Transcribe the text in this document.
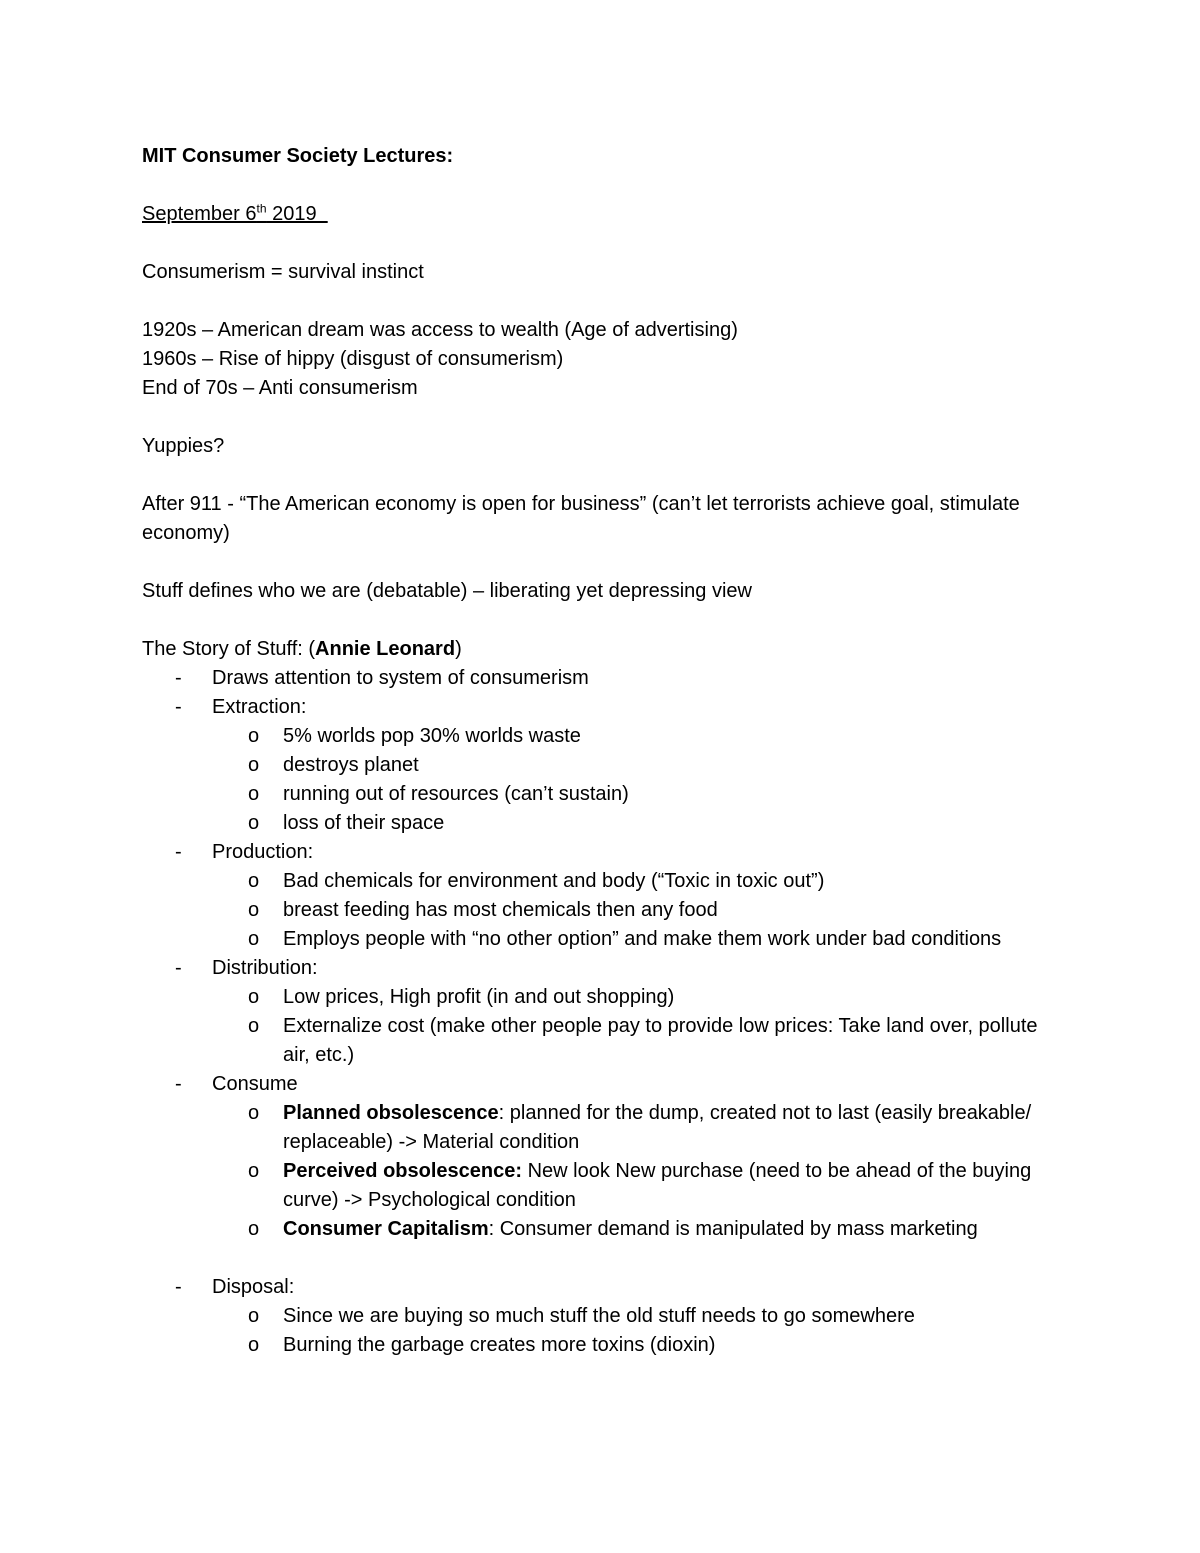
MIT Consumer Society Lectures:

September 6th 2019

Consumerism = survival instinct

1920s – American dream was access to wealth (Age of advertising)

1960s – Rise of hippy (disgust of consumerism)

End of 70s – Anti consumerism

Yuppies?

After 911 - “The American economy is open for business” (can’t let terrorists achieve goal, stimulate economy)

Stuff defines who we are (debatable) – liberating yet depressing view

The Story of Stuff: (Annie Leonard)

- Draws attention to system of consumerism
- Extraction:
o 5% worlds pop 30% worlds waste
o destroys planet
o running out of resources (can’t sustain)
o loss of their space
- Production:
o Bad chemicals for environment and body (“Toxic in toxic out”)
o breast feeding has most chemicals then any food
o Employs people with “no other option” and make them work under bad conditions
- Distribution:
o Low prices, High profit (in and out shopping)
o Externalize cost (make other people pay to provide low prices: Take land over, pollute air, etc.)
- Consume
o Planned obsolescence: planned for the dump, created not to last (easily breakable/ replaceable) -> Material condition
o Perceived obsolescence: New look New purchase (need to be ahead of the buying curve) -> Psychological condition
o Consumer Capitalism: Consumer demand is manipulated by mass marketing
- Disposal:
o Since we are buying so much stuff the old stuff needs to go somewhere
o Burning the garbage creates more toxins (dioxin)
